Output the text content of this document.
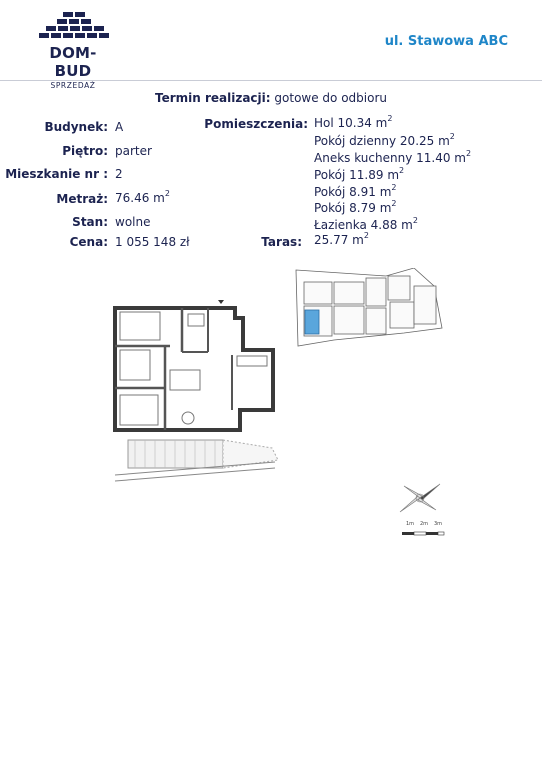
DOM-BUD
SPRZEDAŻ
ul. Stawowa ABC
Termin realizacji: gotowe do odbioru
Budynek: A
Piętro: parter
Mieszkanie nr : 2
Metraż: 76.46 $m^2$
Stan: wolne
Cena: 1 055 148 zł
Pomieszczenia: Hol 10.34 $m^2$
Pokój dzienny 20.25 $m^2$
Aneks kuchenny 11.40 $m^2$
Pokój 11.89 $m^2$
Pokój 8.91 $m^2$
Pokój 8.79 $m^2$
Łazienka 4.88 $m^2$
Taras: 25.77 $m^2$
1m 2m 3m
